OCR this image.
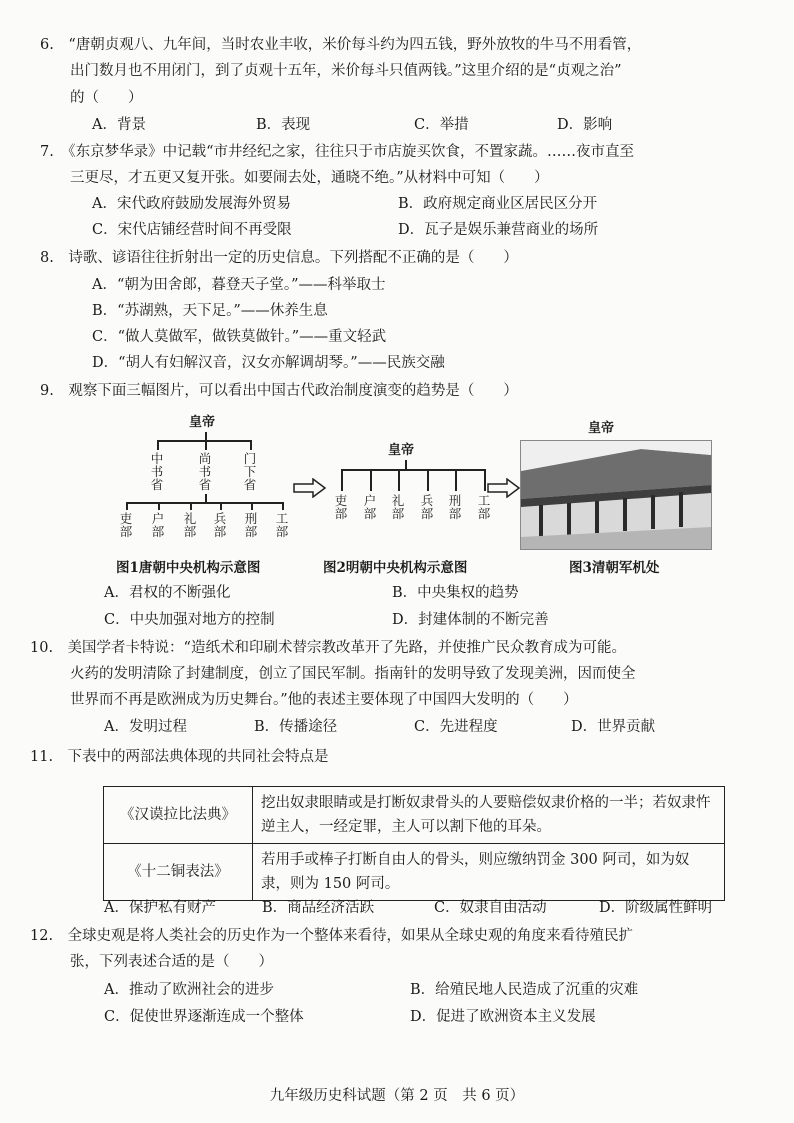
6.　“唐朝贞观八、九年间，当时农业丰收，米价每斗约为四五钱，野外放牧的牛马不用看管，
出门数月也不用闭门，到了贞观十五年，米价每斗只值两钱。”这里介绍的是“贞观之治”
的（　　）
A．背景	B．表现	C．举措	D．影响
7.　《东京梦华录》中记载“市井经纪之家，往往只于市店旋买饮食，不置家蔬。……夜市直至
三更尽，才五更又复开张。如要闹去处，通晓不绝。”从材料中可知（　　）
A．宋代政府鼓励发展海外贸易	B．政府规定商业区居民区分开
C．宋代店铺经营时间不再受限	D．瓦子是娱乐兼营商业的场所
8.　诗歌、谚语往往折射出一定的历史信息。下列搭配不正确的是（　　）
A．“朝为田舍郎，暮登天子堂。”——科举取士
B．“苏湖熟，天下足。”——休养生息
C．“做人莫做军，做铁莫做针。”——重文轻武
D．“胡人有妇解汉音，汉女亦解调胡琴。”——民族交融
9.　观察下面三幅图片，可以看出中国古代政治制度演变的趋势是（　　）
皇帝
中书省
尚书省
门下省
吏部
户部
礼部
兵部
刑部
工部
图1唐朝中央机构示意图
皇帝
吏部
户部
礼部
兵部
刑部
工部
图2明朝中央机构示意图
皇帝
图3清朝军机处
A．君权的不断强化	B．中央集权的趋势
C．中央加强对地方的控制	D．封建体制的不断完善
10.　美国学者卡特说：“造纸术和印刷术替宗教改革开了先路，并使推广民众教育成为可能。
火药的发明清除了封建制度，创立了国民军制。指南针的发明导致了发现美洲，因而使全
世界而不再是欧洲成为历史舞台。”他的表述主要体现了中国四大发明的（　　）
A．发明过程	B．传播途径	C．先进程度	D．世界贡献
11.　下表中的两部法典体现的共同社会特点是
《汉谟拉比法典》	挖出奴隶眼睛或是打断奴隶骨头的人要赔偿奴隶价格的一半；若奴隶忤逆主人，一经定罪，主人可以割下他的耳朵。
《十二铜表法》	若用手或棒子打断自由人的骨头，则应缴纳罚金 300 阿司，如为奴隶，则为 150 阿司。
A．保护私有财产	B．商品经济活跃	C．奴隶自由活动	D．阶级属性鲜明
12.　全球史观是将人类社会的历史作为一个整体来看待，如果从全球史观的角度来看待殖民扩
张，下列表述合适的是（　　）
A．推动了欧洲社会的进步	B．给殖民地人民造成了沉重的灾难
C．促使世界逐渐连成一个整体	D．促进了欧洲资本主义发展
九年级历史科试题（第 2 页　共 6 页）
